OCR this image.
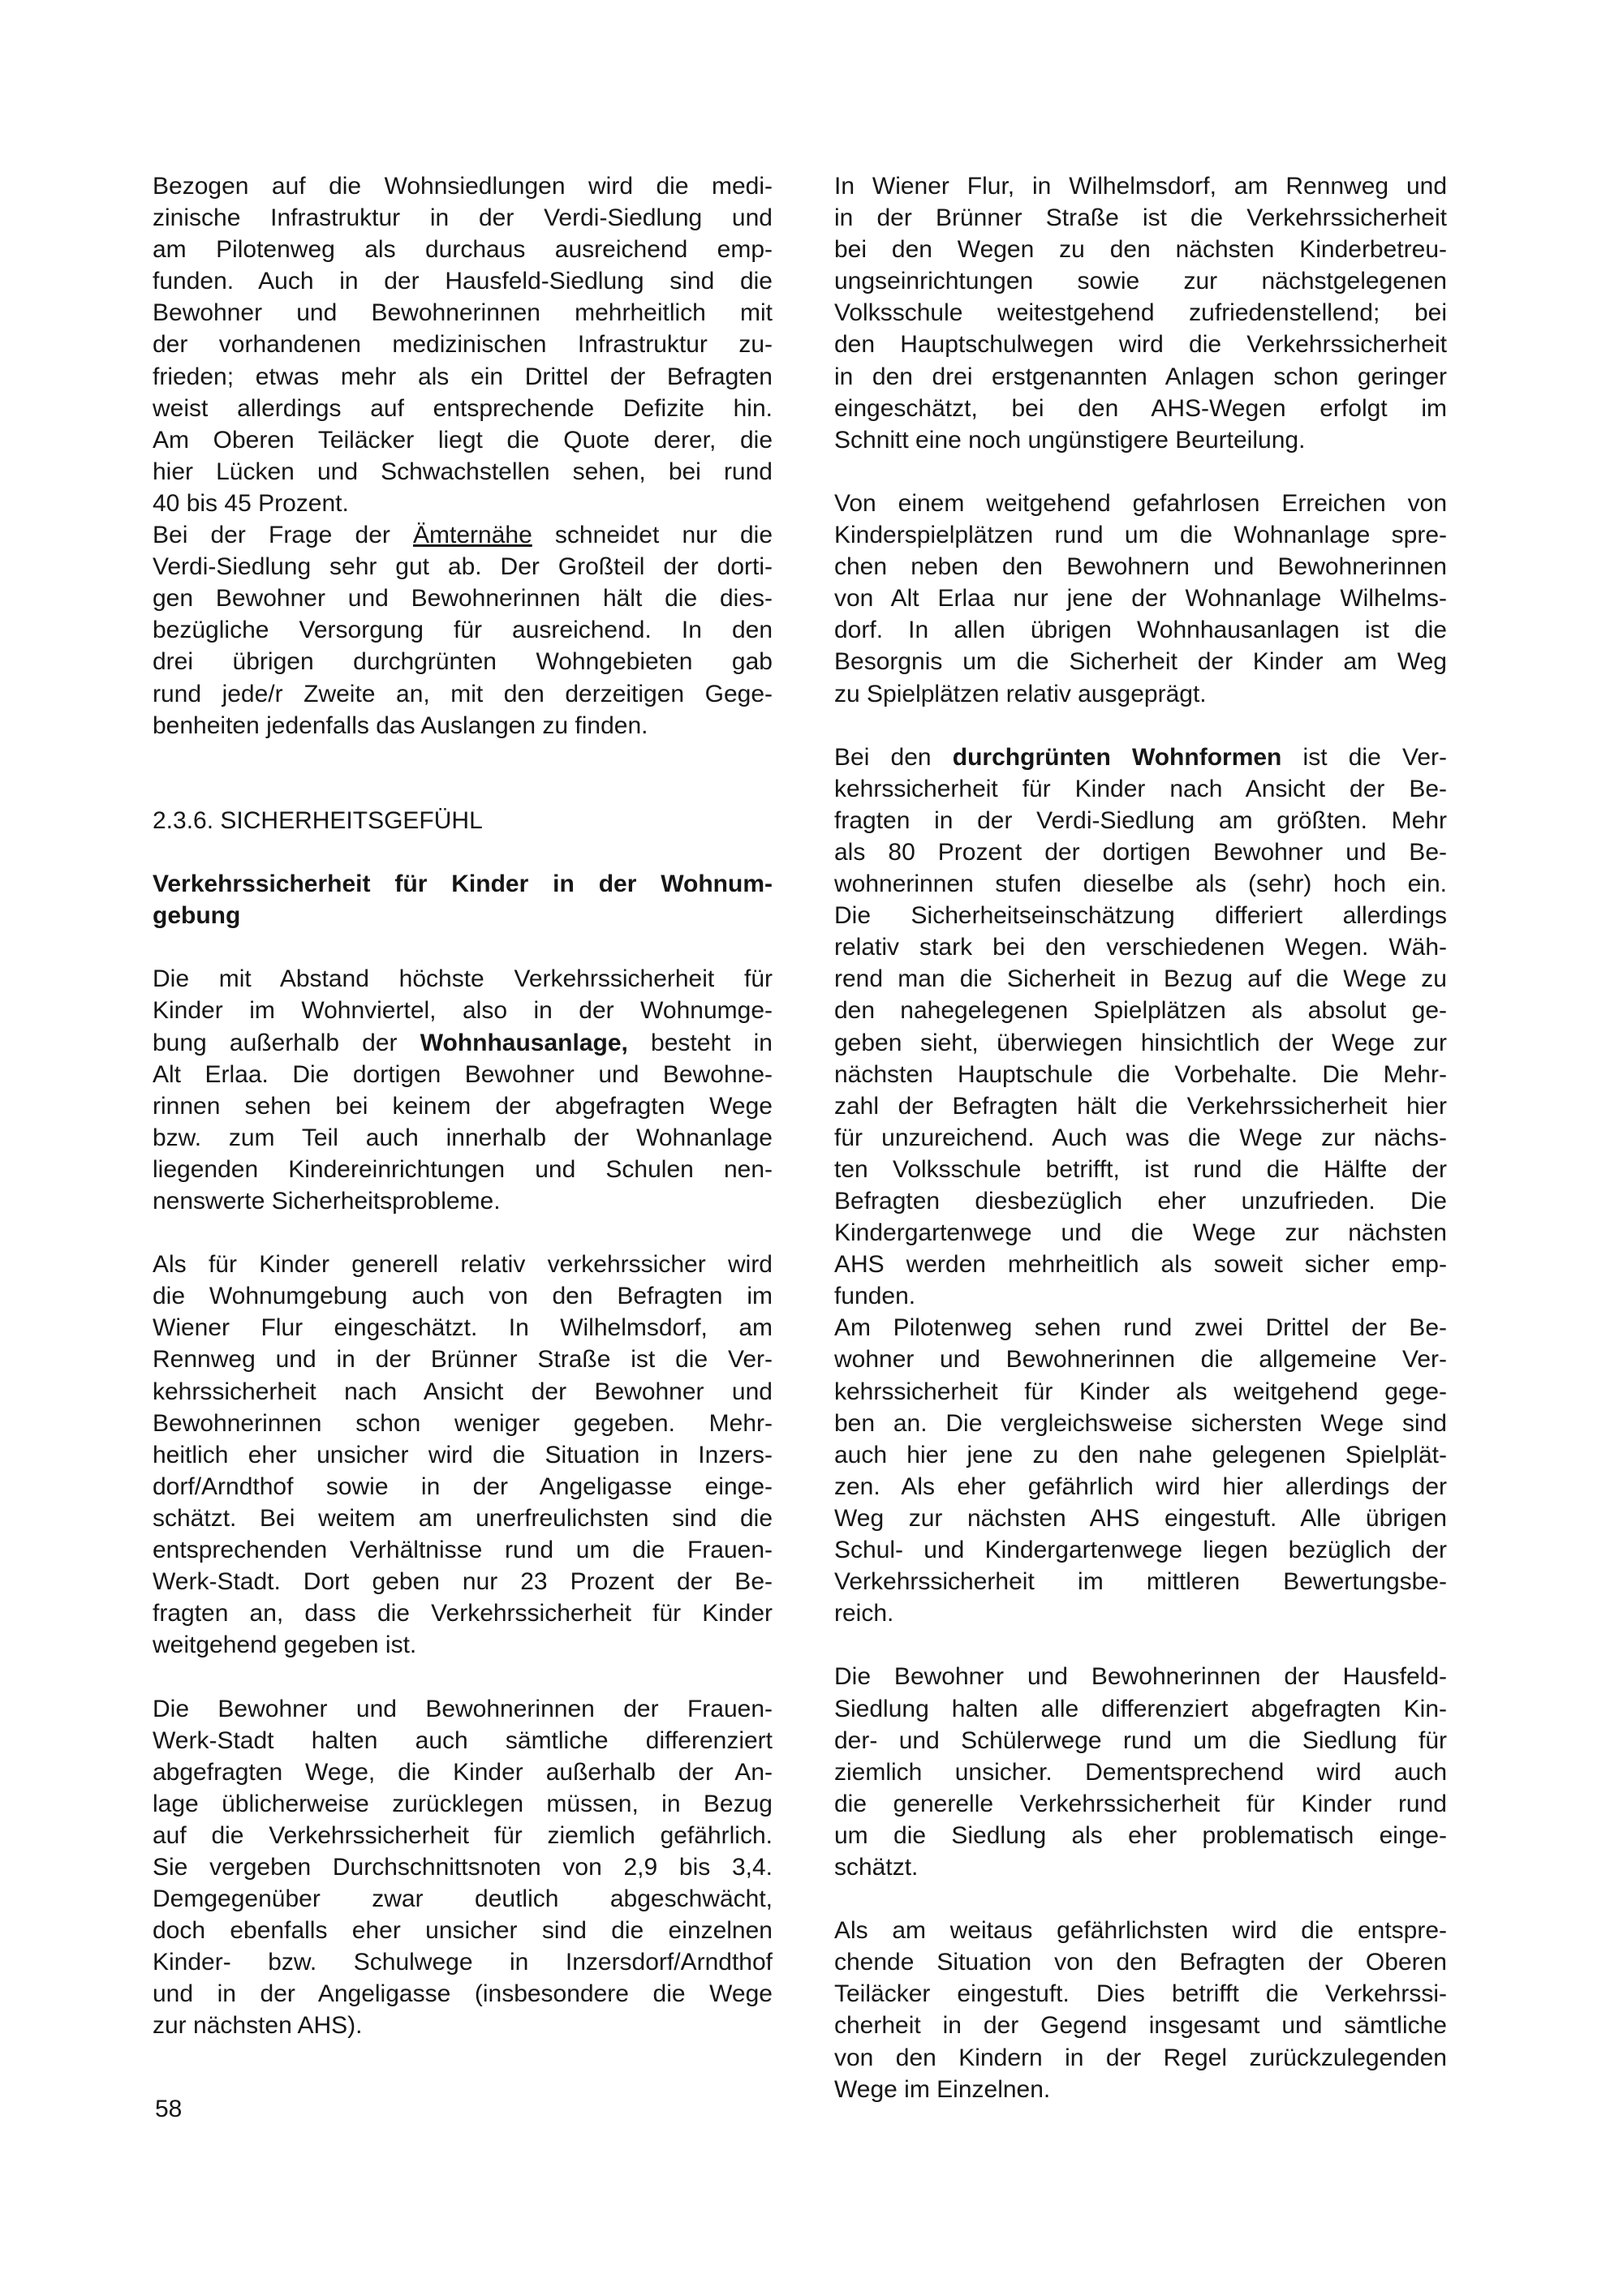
Bezogen auf die Wohnsiedlungen wird die medi-
zinische Infrastruktur in der Verdi-Siedlung und
am Pilotenweg als durchaus ausreichend emp-
funden. Auch in der Hausfeld-Siedlung sind die
Bewohner und Bewohnerinnen mehrheitlich mit
der vorhandenen medizinischen Infrastruktur zu-
frieden; etwas mehr als ein Drittel der Befragten
weist allerdings auf entsprechende Defizite hin.
Am Oberen Teiläcker liegt die Quote derer, die
hier Lücken und Schwachstellen sehen, bei rund
40 bis 45 Prozent.
Bei der Frage der Ämternähe schneidet nur die
Verdi-Siedlung sehr gut ab. Der Großteil der dorti-
gen Bewohner und Bewohnerinnen hält die dies-
bezügliche Versorgung für ausreichend. In den
drei übrigen durchgrünten Wohngebieten gab
rund jede/r Zweite an, mit den derzeitigen Gege-
benheiten jedenfalls das Auslangen zu finden.
2.3.6. SICHERHEITSGEFÜHL
Verkehrssicherheit für Kinder in der Wohnum-
gebung
Die mit Abstand höchste Verkehrssicherheit für
Kinder im Wohnviertel, also in der Wohnumge-
bung außerhalb der Wohnhausanlage, besteht in
Alt Erlaa. Die dortigen Bewohner und Bewohne-
rinnen sehen bei keinem der abgefragten Wege
bzw. zum Teil auch innerhalb der Wohnanlage
liegenden Kindereinrichtungen und Schulen nen-
nenswerte Sicherheitsprobleme.
Als für Kinder generell relativ verkehrssicher wird
die Wohnumgebung auch von den Befragten im
Wiener Flur eingeschätzt. In Wilhelmsdorf, am
Rennweg und in der Brünner Straße ist die Ver-
kehrssicherheit nach Ansicht der Bewohner und
Bewohnerinnen schon weniger gegeben. Mehr-
heitlich eher unsicher wird die Situation in Inzers-
dorf/Arndthof sowie in der Angeligasse einge-
schätzt. Bei weitem am unerfreulichsten sind die
entsprechenden Verhältnisse rund um die Frauen-
Werk-Stadt. Dort geben nur 23 Prozent der Be-
fragten an, dass die Verkehrssicherheit für Kinder
weitgehend gegeben ist.
Die Bewohner und Bewohnerinnen der Frauen-
Werk-Stadt halten auch sämtliche differenziert
abgefragten Wege, die Kinder außerhalb der An-
lage üblicherweise zurücklegen müssen, in Bezug
auf die Verkehrssicherheit für ziemlich gefährlich.
Sie vergeben Durchschnittsnoten von 2,9 bis 3,4.
Demgegenüber zwar deutlich abgeschwächt,
doch ebenfalls eher unsicher sind die einzelnen
Kinder- bzw. Schulwege in Inzersdorf/Arndthof
und in der Angeligasse (insbesondere die Wege
zur nächsten AHS).
In Wiener Flur, in Wilhelmsdorf, am Rennweg und
in der Brünner Straße ist die Verkehrssicherheit
bei den Wegen zu den nächsten Kinderbetreu-
ungseinrichtungen sowie zur nächstgelegenen
Volksschule weitestgehend zufriedenstellend; bei
den Hauptschulwegen wird die Verkehrssicherheit
in den drei erstgenannten Anlagen schon geringer
eingeschätzt, bei den AHS-Wegen erfolgt im
Schnitt eine noch ungünstigere Beurteilung.
Von einem weitgehend gefahrlosen Erreichen von
Kinderspielplätzen rund um die Wohnanlage spre-
chen neben den Bewohnern und Bewohnerinnen
von Alt Erlaa nur jene der Wohnanlage Wilhelms-
dorf. In allen übrigen Wohnhausanlagen ist die
Besorgnis um die Sicherheit der Kinder am Weg
zu Spielplätzen relativ ausgeprägt.
Bei den durchgrünten Wohnformen ist die Ver-
kehrssicherheit für Kinder nach Ansicht der Be-
fragten in der Verdi-Siedlung am größten. Mehr
als 80 Prozent der dortigen Bewohner und Be-
wohnerinnen stufen dieselbe als (sehr) hoch ein.
Die Sicherheitseinschätzung differiert allerdings
relativ stark bei den verschiedenen Wegen. Wäh-
rend man die Sicherheit in Bezug auf die Wege zu
den nahegelegenen Spielplätzen als absolut ge-
geben sieht, überwiegen hinsichtlich der Wege zur
nächsten Hauptschule die Vorbehalte. Die Mehr-
zahl der Befragten hält die Verkehrssicherheit hier
für unzureichend. Auch was die Wege zur nächs-
ten Volksschule betrifft, ist rund die Hälfte der
Befragten diesbezüglich eher unzufrieden. Die
Kindergartenwege und die Wege zur nächsten
AHS werden mehrheitlich als soweit sicher emp-
funden.
Am Pilotenweg sehen rund zwei Drittel der Be-
wohner und Bewohnerinnen die allgemeine Ver-
kehrssicherheit für Kinder als weitgehend gege-
ben an. Die vergleichsweise sichersten Wege sind
auch hier jene zu den nahe gelegenen Spielplät-
zen. Als eher gefährlich wird hier allerdings der
Weg zur nächsten AHS eingestuft. Alle übrigen
Schul- und Kindergartenwege liegen bezüglich der
Verkehrssicherheit im mittleren Bewertungsbe-
reich.
Die Bewohner und Bewohnerinnen der Hausfeld-
Siedlung halten alle differenziert abgefragten Kin-
der- und Schülerwege rund um die Siedlung für
ziemlich unsicher. Dementsprechend wird auch
die generelle Verkehrssicherheit für Kinder rund
um die Siedlung als eher problematisch einge-
schätzt.
Als am weitaus gefährlichsten wird die entspre-
chende Situation von den Befragten der Oberen
Teiläcker eingestuft. Dies betrifft die Verkehrssi-
cherheit in der Gegend insgesamt und sämtliche
von den Kindern in der Regel zurückzulegenden
Wege im Einzelnen.
58
